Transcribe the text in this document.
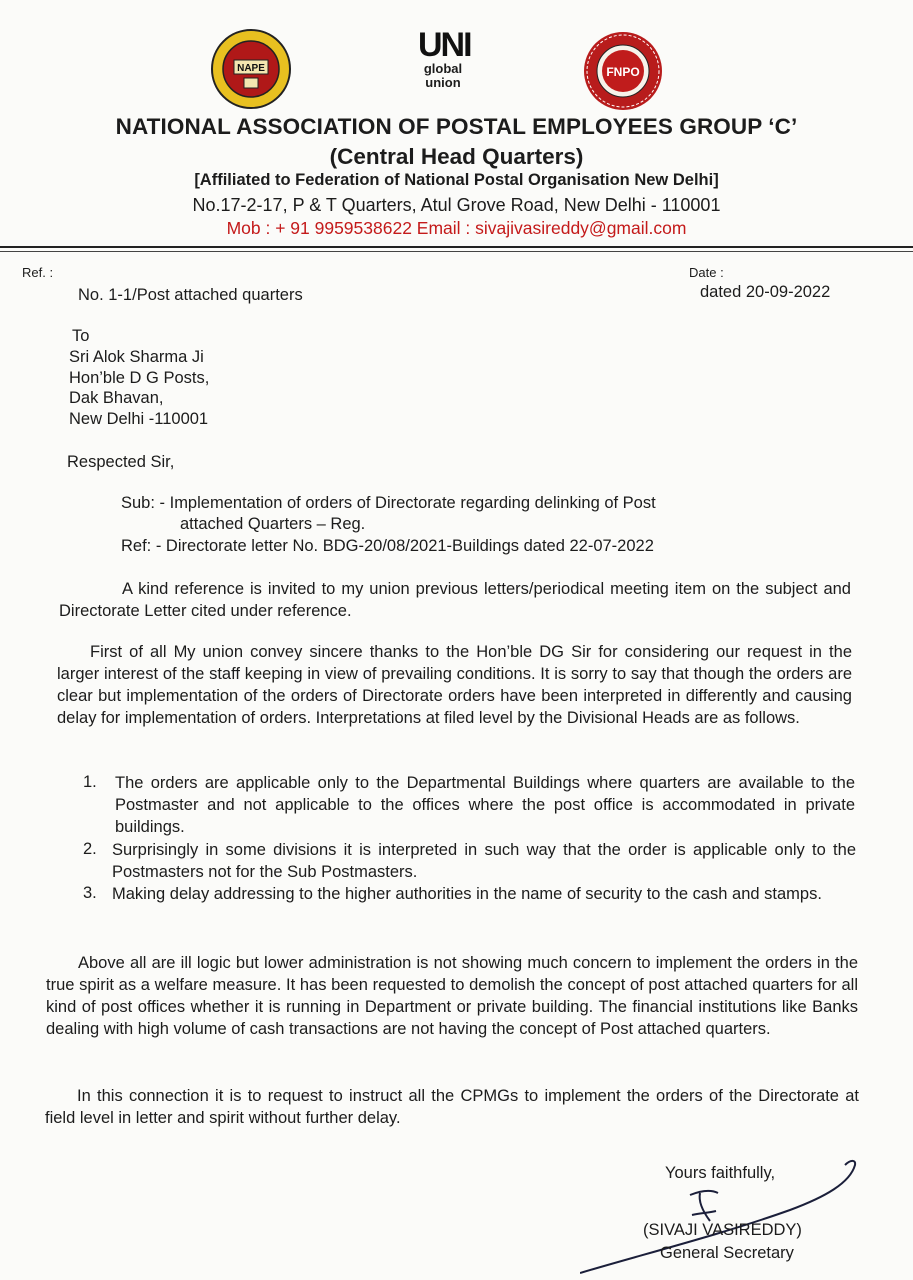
NAPE
UNI
global
union
FNPO
NATIONAL ASSOCIATION OF POSTAL EMPLOYEES GROUP ‘C’
(Central Head Quarters)
[Affiliated to Federation of National Postal Organisation New Delhi]
No.17-2-17, P & T Quarters, Atul Grove Road, New Delhi - 110001
Mob : + 91 9959538622 Email : sivajivasireddy@gmail.com
Ref. :
No. 1-1/Post attached quarters
Date :
dated 20-09-2022
To
Sri Alok Sharma Ji
Hon’ble D G Posts,
Dak Bhavan,
New Delhi -110001
Respected Sir,
Sub: - Implementation of orders of Directorate regarding delinking of Post
attached Quarters – Reg.
Ref: - Directorate letter No. BDG-20/08/2021-Buildings dated 22-07-2022
A kind reference is invited to my union previous letters/periodical meeting item on the subject and Directorate Letter cited under reference.
First of all My union convey sincere thanks to the Hon’ble DG Sir for considering our request in the larger interest of the staff keeping in view of prevailing conditions. It is sorry to say that though the orders are clear but implementation of the orders of Directorate orders have been interpreted in differently and causing delay for implementation of orders. Interpretations at filed level by the Divisional Heads are as follows.
1. The orders are applicable only to the Departmental Buildings where quarters are available to the Postmaster and not applicable to the offices where the post office is accommodated in private buildings.
2. Surprisingly in some divisions it is interpreted in such way that the order is applicable only to the Postmasters not for the Sub Postmasters.
3. Making delay addressing to the higher authorities in the name of security to the cash and stamps.
Above all are ill logic but lower administration is not showing much concern to implement the orders in the true spirit as a welfare measure. It has been requested to demolish the concept of post attached quarters for all kind of post offices whether it is running in Department or private building. The financial institutions like Banks dealing with high volume of cash transactions are not having the concept of Post attached quarters.
In this connection it is to request to instruct all the CPMGs to implement the orders of the Directorate at field level in letter and spirit without further delay.
Yours faithfully,
(SIVAJI VASIREDDY)
General Secretary
